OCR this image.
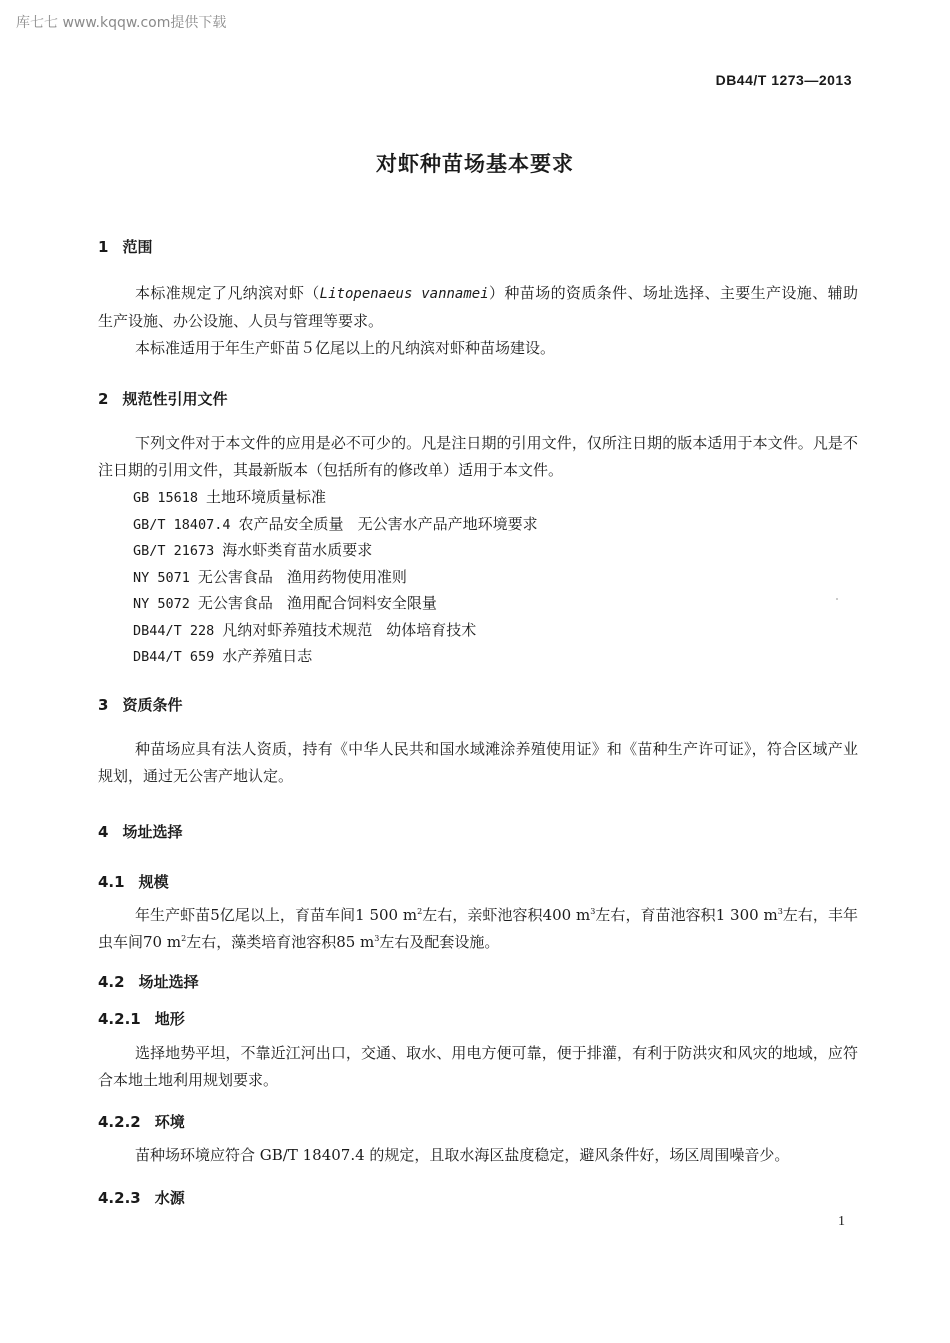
库七七 www.kqqw.com提供下载
DB44/T 1273—2013
对虾种苗场基本要求
1 范围

本标准规定了凡纳滨对虾（Litopenaeus vannamei）种苗场的资质条件、场址选择、主要生产设施、辅助生产设施、办公设施、人员与管理等要求。

本标准适用于年生产虾苗５亿尾以上的凡纳滨对虾种苗场建设。

2 规范性引用文件

下列文件对于本文件的应用是必不可少的。凡是注日期的引用文件，仅所注日期的版本适用于本文件。凡是不注日期的引用文件，其最新版本（包括所有的修改单）适用于本文件。

GB 15618 土地环境质量标准
GB/T 18407.4 农产品安全质量 无公害水产品产地环境要求
GB/T 21673 海水虾类育苗水质要求
NY 5071 无公害食品 渔用药物使用准则
NY 5072 无公害食品 渔用配合饲料安全限量
DB44/T 228 凡纳对虾养殖技术规范 幼体培育技术
DB44/T 659 水产养殖日志
3 资质条件

种苗场应具有法人资质，持有《中华人民共和国水域滩涂养殖使用证》和《苗种生产许可证》，符合区域产业规划，通过无公害产地认定。

4 场址选择
4.1 规模

年生产虾苗5亿尾以上，育苗车间1 500 $m^2$左右，亲虾池容积400 $m^3$左右，育苗池容积1 300 $m^3$左右，丰年虫车间70 $m^2$左右，藻类培育池容积85 $m^3$左右及配套设施。

4.2 场址选择
4.2.1 地形

选择地势平坦，不靠近江河出口，交通、取水、用电方便可靠，便于排灌，有利于防洪灾和风灾的地域，应符合本地土地利用规划要求。

4.2.2 环境

苗种场环境应符合 GB/T 18407.4 的规定，且取水海区盐度稳定，避风条件好，场区周围噪音少。

4.2.3 水源
1
